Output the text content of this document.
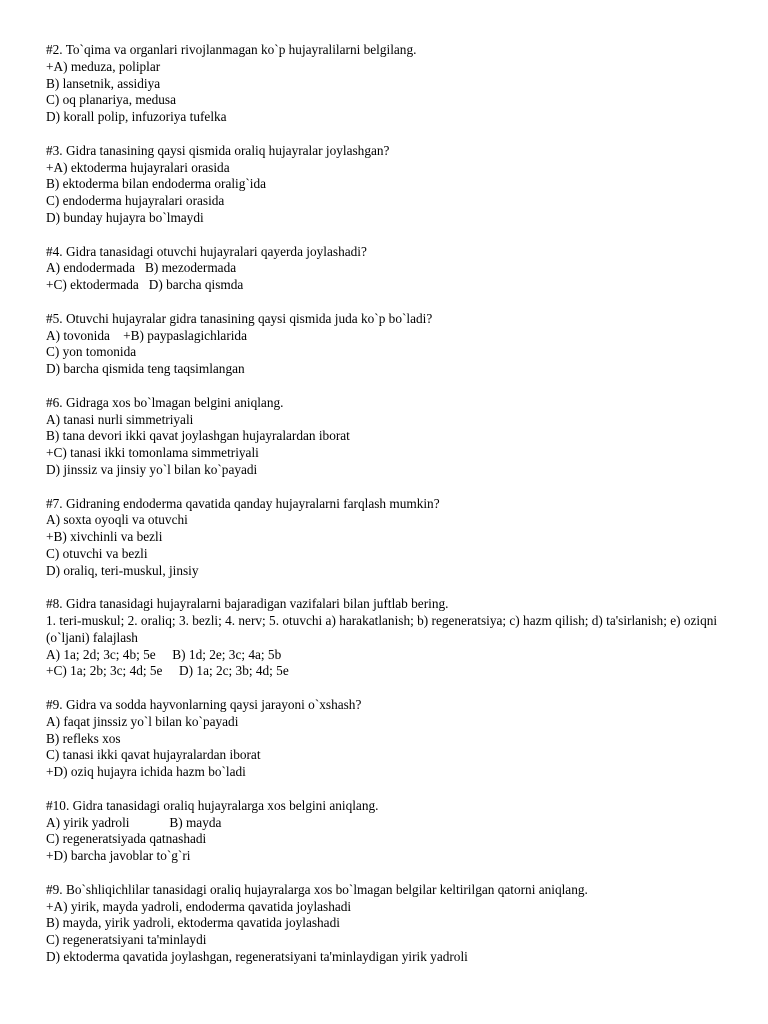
#2. To`qima va organlari rivojlanmagan ko`p hujayralilarni belgilang.
+A) meduza, poliplar
B) lansetnik, assidiya
C) oq planariya, medusa
D) korall polip, infuzoriya tufelka
#3. Gidra tanasining qaysi qismida oraliq hujayralar joylashgan?
+A) ektoderma hujayralari orasida
B) ektoderma bilan endoderma oralig`ida
C) endoderma hujayralari orasida
D) bunday hujayra bo`lmaydi
#4. Gidra tanasidagi otuvchi hujayralari qayerda joylashadi?
A) endodermada   B) mezodermada
+C) ektodermada   D) barcha qismda
#5. Otuvchi hujayralar gidra tanasining qaysi qismida juda ko`p bo`ladi?
A) tovonida    +B) paypaslagichlarida
C) yon tomonida
D) barcha qismida teng taqsimlangan
#6. Gidraga xos bo`lmagan belgini aniqlang.
A) tanasi nurli simmetriyali
B) tana devori ikki qavat joylashgan hujayralardan iborat
+C) tanasi ikki tomonlama simmetriyali
D) jinssiz va jinsiy yo`l bilan ko`payadi
#7. Gidraning endoderma qavatida qanday hujayralarni farqlash mumkin?
A) soxta oyoqli va otuvchi
+B) xivchinli va bezli
C) otuvchi va bezli
D) oraliq, teri-muskul, jinsiy
#8. Gidra tanasidagi hujayralarni bajaradigan vazifalari bilan juftlab bering.
1. teri-muskul; 2. oraliq; 3. bezli; 4. nerv; 5. otuvchi a) harakatlanish; b) regeneratsiya; c) hazm qilish; d) ta'sirlanish; e) oziqni (o`ljani) falajlash
A) 1a; 2d; 3c; 4b; 5e     B) 1d; 2e; 3c; 4a; 5b
+C) 1a; 2b; 3c; 4d; 5e     D) 1a; 2c; 3b; 4d; 5e
#9. Gidra va sodda hayvonlarning qaysi jarayoni o`xshash?
A) faqat jinssiz yo`l bilan ko`payadi
B) refleks xos
C) tanasi ikki qavat hujayralardan iborat
+D) oziq hujayra ichida hazm bo`ladi
#10. Gidra tanasidagi oraliq hujayralarga xos belgini aniqlang.
A) yirik yadroli            B) mayda
C) regeneratsiyada qatnashadi
+D) barcha javoblar to`g`ri
#9. Bo`shliqichlilar tanasidagi oraliq hujayralarga xos bo`lmagan belgilar keltirilgan qatorni aniqlang.
+A) yirik, mayda yadroli, endoderma qavatida joylashadi
B) mayda, yirik yadroli, ektoderma qavatida joylashadi
C) regeneratsiyani ta'minlaydi
D) ektoderma qavatida joylashgan, regeneratsiyani ta'minlaydigan yirik yadroli
